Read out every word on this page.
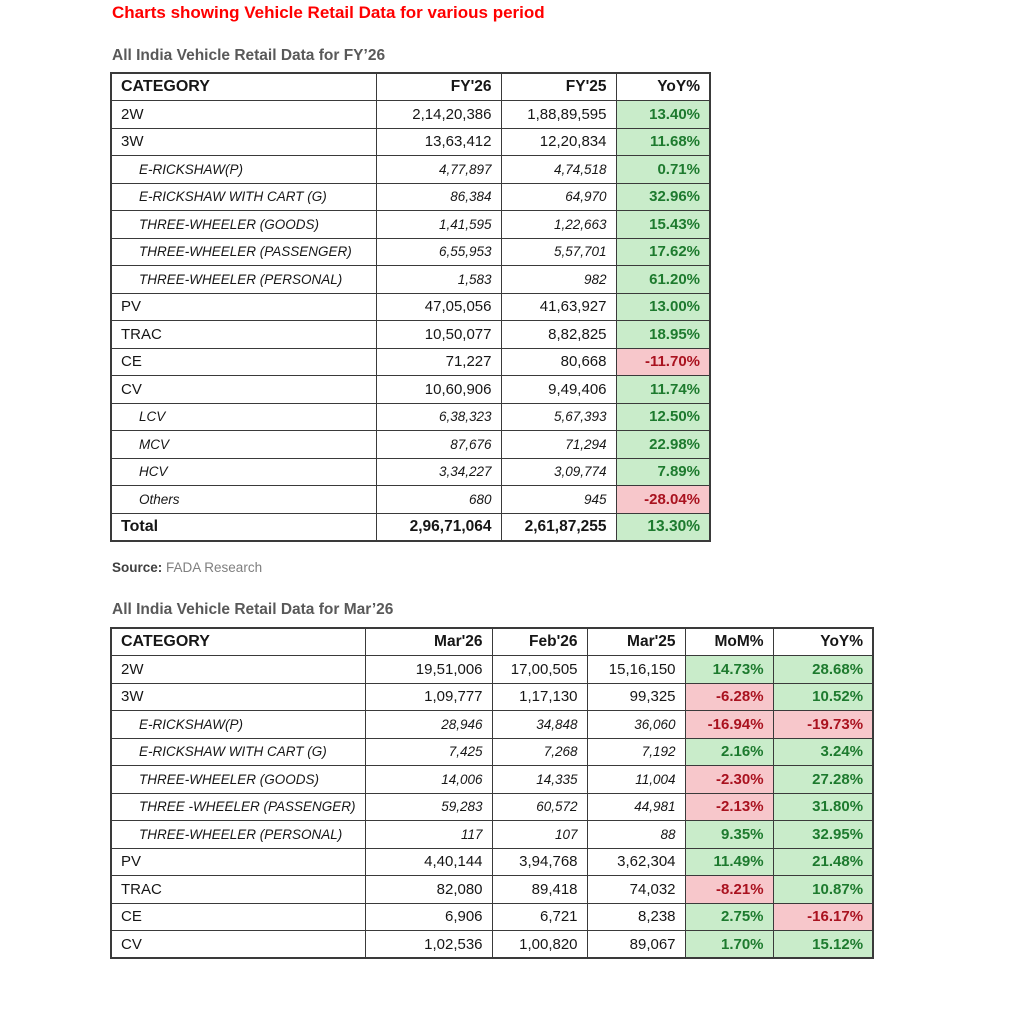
Charts showing Vehicle Retail Data for various period
All India Vehicle Retail Data for FY’26
CATEGORY	FY'26	FY'25	YoY%
2W	2,14,20,386	1,88,89,595	13.40%
3W	13,63,412	12,20,834	11.68%
E-RICKSHAW(P)	4,77,897	4,74,518	0.71%
E-RICKSHAW WITH CART (G)	86,384	64,970	32.96%
THREE-WHEELER (GOODS)	1,41,595	1,22,663	15.43%
THREE-WHEELER (PASSENGER)	6,55,953	5,57,701	17.62%
THREE-WHEELER (PERSONAL)	1,583	982	61.20%
PV	47,05,056	41,63,927	13.00%
TRAC	10,50,077	8,82,825	18.95%
CE	71,227	80,668	-11.70%
CV	10,60,906	9,49,406	11.74%
LCV	6,38,323	5,67,393	12.50%
MCV	87,676	71,294	22.98%
HCV	3,34,227	3,09,774	7.89%
Others	680	945	-28.04%
Total	2,96,71,064	2,61,87,255	13.30%
Source: FADA Research
All India Vehicle Retail Data for Mar’26
CATEGORY	Mar'26	Feb'26	Mar'25	MoM%	YoY%
2W	19,51,006	17,00,505	15,16,150	14.73%	28.68%
3W	1,09,777	1,17,130	99,325	-6.28%	10.52%
E-RICKSHAW(P)	28,946	34,848	36,060	-16.94%	-19.73%
E-RICKSHAW WITH CART (G)	7,425	7,268	7,192	2.16%	3.24%
THREE-WHEELER (GOODS)	14,006	14,335	11,004	-2.30%	27.28%
THREE -WHEELER (PASSENGER)	59,283	60,572	44,981	-2.13%	31.80%
THREE-WHEELER (PERSONAL)	117	107	88	9.35%	32.95%
PV	4,40,144	3,94,768	3,62,304	11.49%	21.48%
TRAC	82,080	89,418	74,032	-8.21%	10.87%
CE	6,906	6,721	8,238	2.75%	-16.17%
CV	1,02,536	1,00,820	89,067	1.70%	15.12%
